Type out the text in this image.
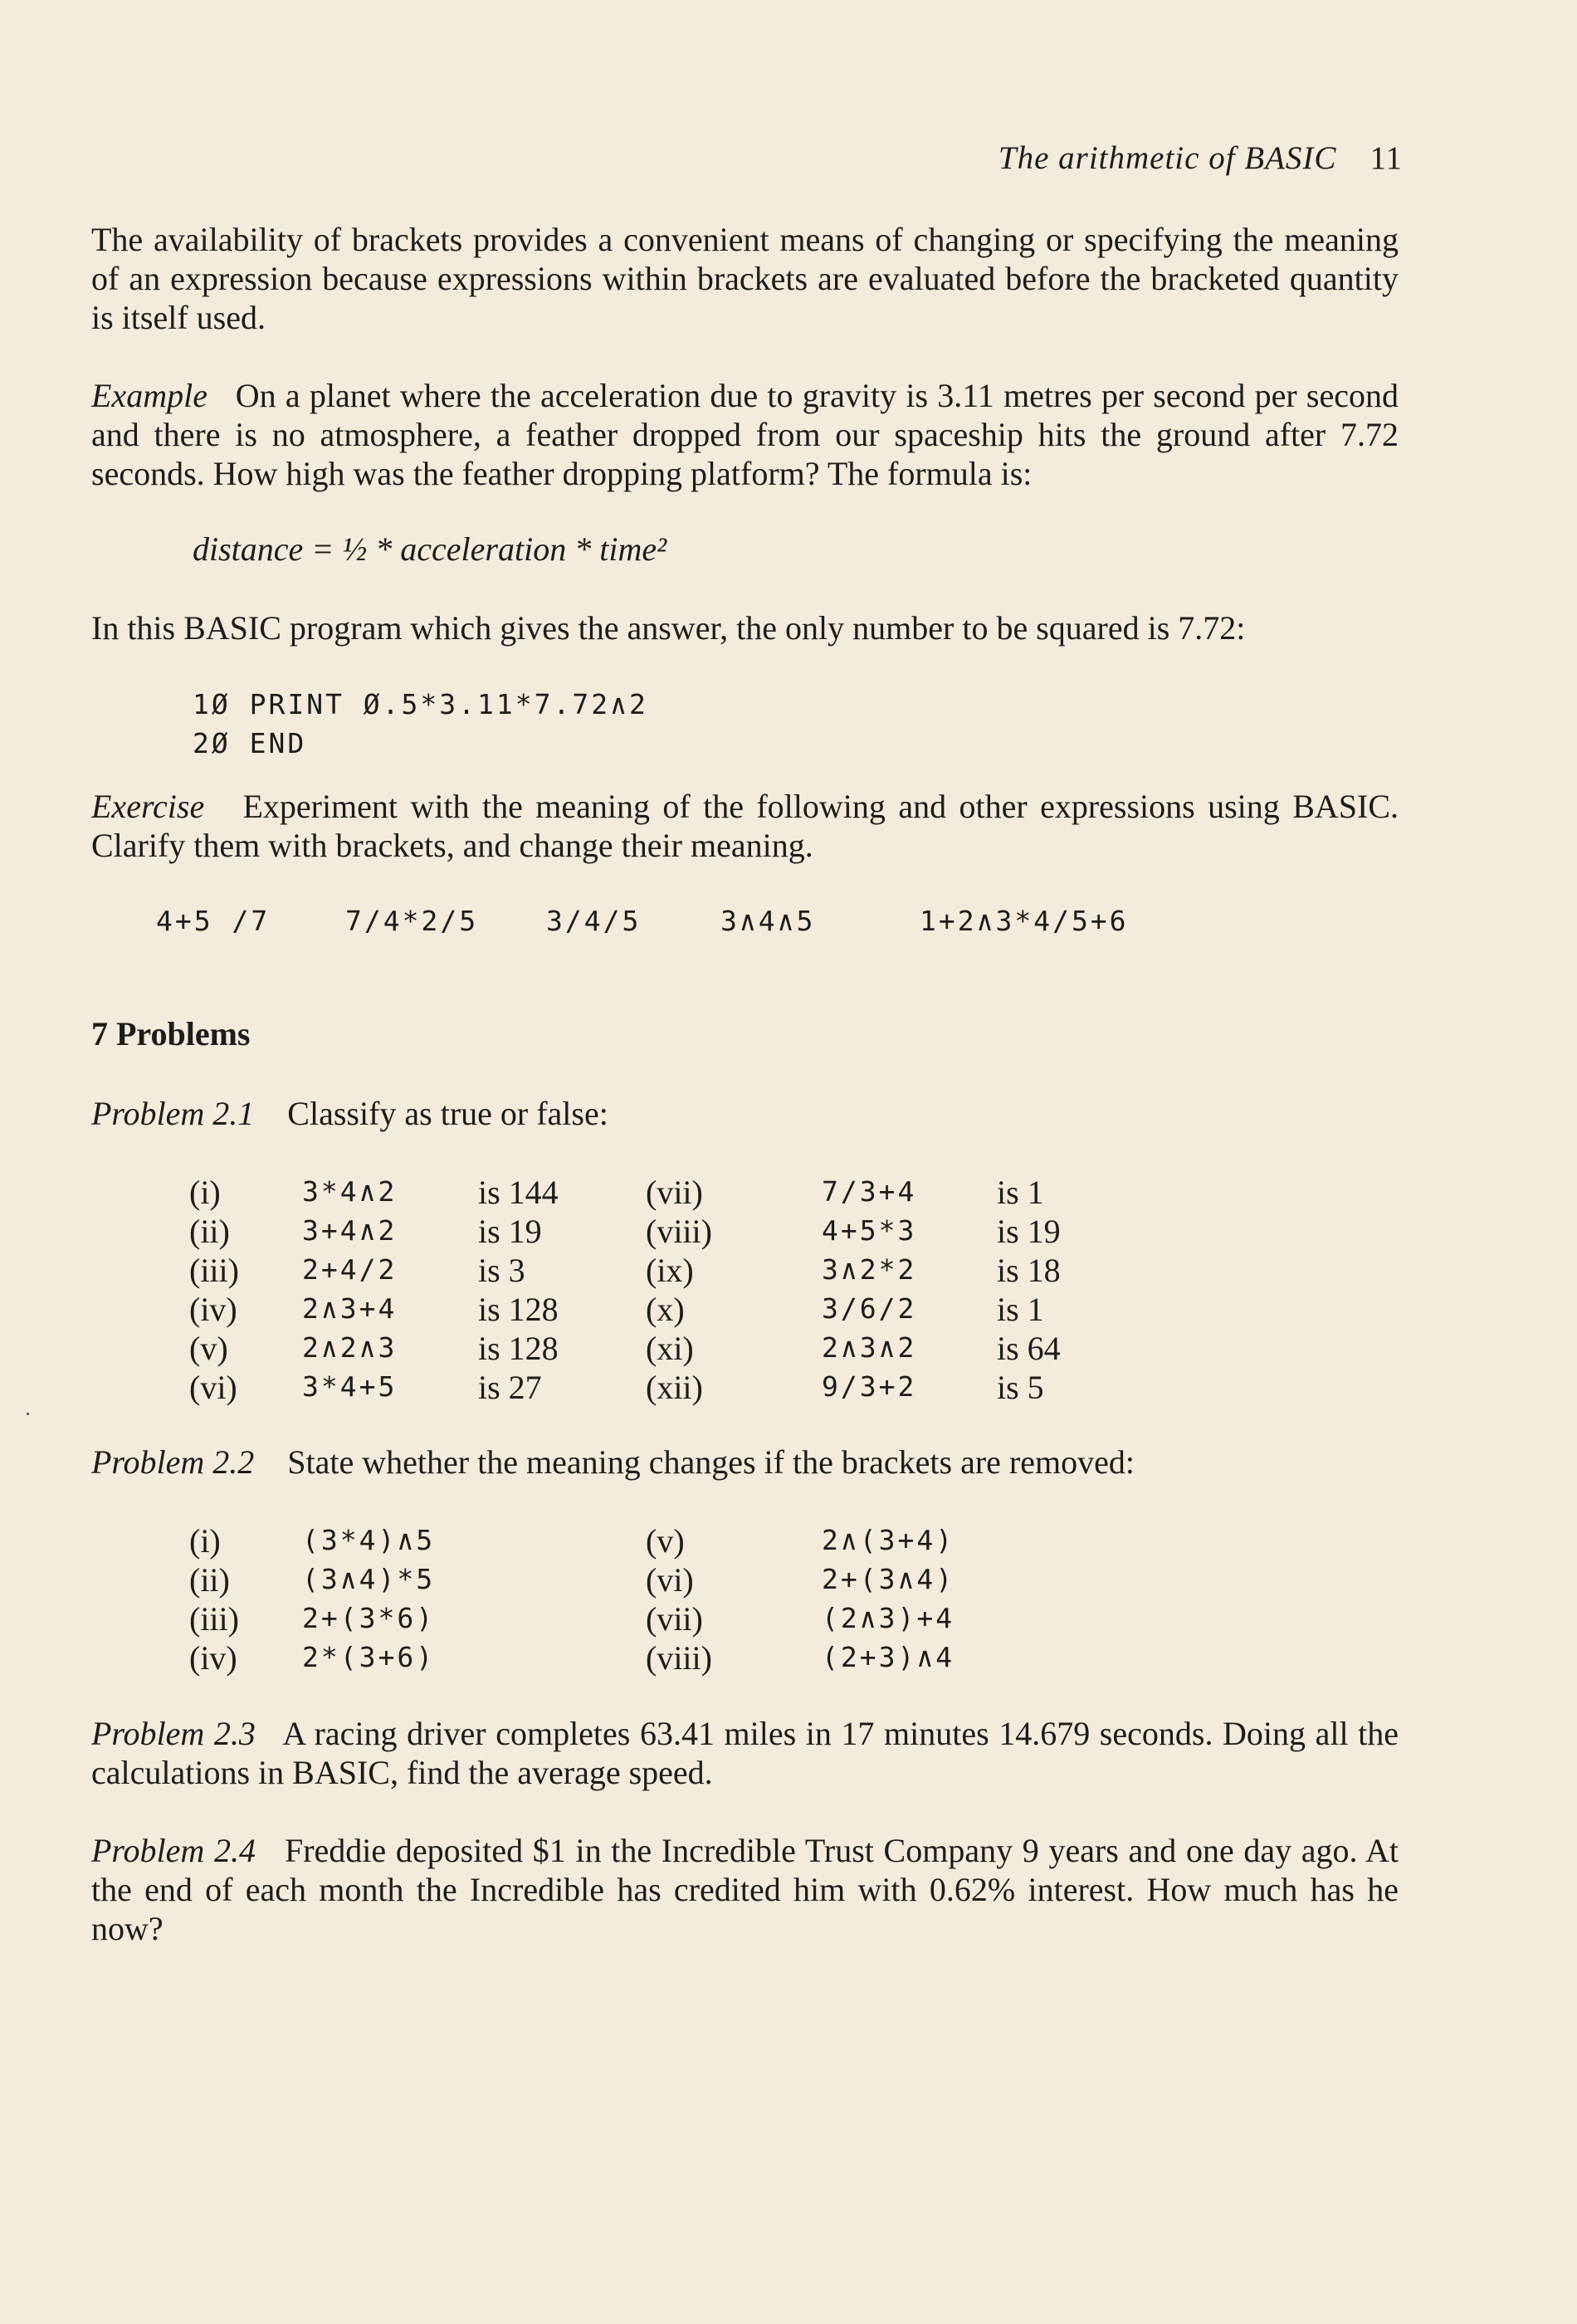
The arithmetic of BASIC 11

The availability of brackets provides a convenient means of changing or specifying the meaning of an expression because expressions within brackets are evaluated before the bracketed quantity is itself used.

Example On a planet where the acceleration due to gravity is 3.11 metres per second per second and there is no atmosphere, a feather dropped from our spaceship hits the ground after 7.72 seconds. How high was the feather dropping platform? The formula is:

distance = ½ * acceleration * time²

In this BASIC program which gives the answer, the only number to be squared is 7.72:

1Ø PRINT Ø.5*3.11*7.72∧2
2Ø END

Exercise Experiment with the meaning of the following and other expressions using BASIC. Clarify them with brackets, and change their meaning.

4+5 /7	7/4*2/5 3/4/5	3∧4∧5	1+2∧3*4/5+6
7 Problems

Problem 2.1 Classify as true or false:

(i)	3*4∧2 is 144	(vii)	7/3+4 is 1
(ii)	3+4∧2 is 19	(viii)	4+5*3 is 19
(iii) 2+4/2 is 3	(ix)	3∧2*2 is 18
(iv) 2∧3+4 is 128	(x)	3/6/2 is 1
(v)	2∧2∧3 is 128	(xi)	2∧3∧2 is 64
(vi) 3*4+5 is 27	(xii)	9/3+2 is 5

Problem 2.2 State whether the meaning changes if the brackets are removed:

(i)	(3*4)∧5	(v)	2∧(3+4)
(ii)	(3∧4)*5	(vi)	2+(3∧4)
(iii) 2+(3*6)	(vii)	(2∧3)+4
(iv) 2*(3+6)	(viii)	(2+3)∧4

Problem 2.3 A racing driver completes 63.41 miles in 17 minutes 14.679 seconds. Doing all the calculations in BASIC, find the average speed.

Problem 2.4 Freddie deposited $1 in the Incredible Trust Company 9 years and one day ago. At the end of each month the Incredible has credited him with 0.62% interest. How much has he now?
